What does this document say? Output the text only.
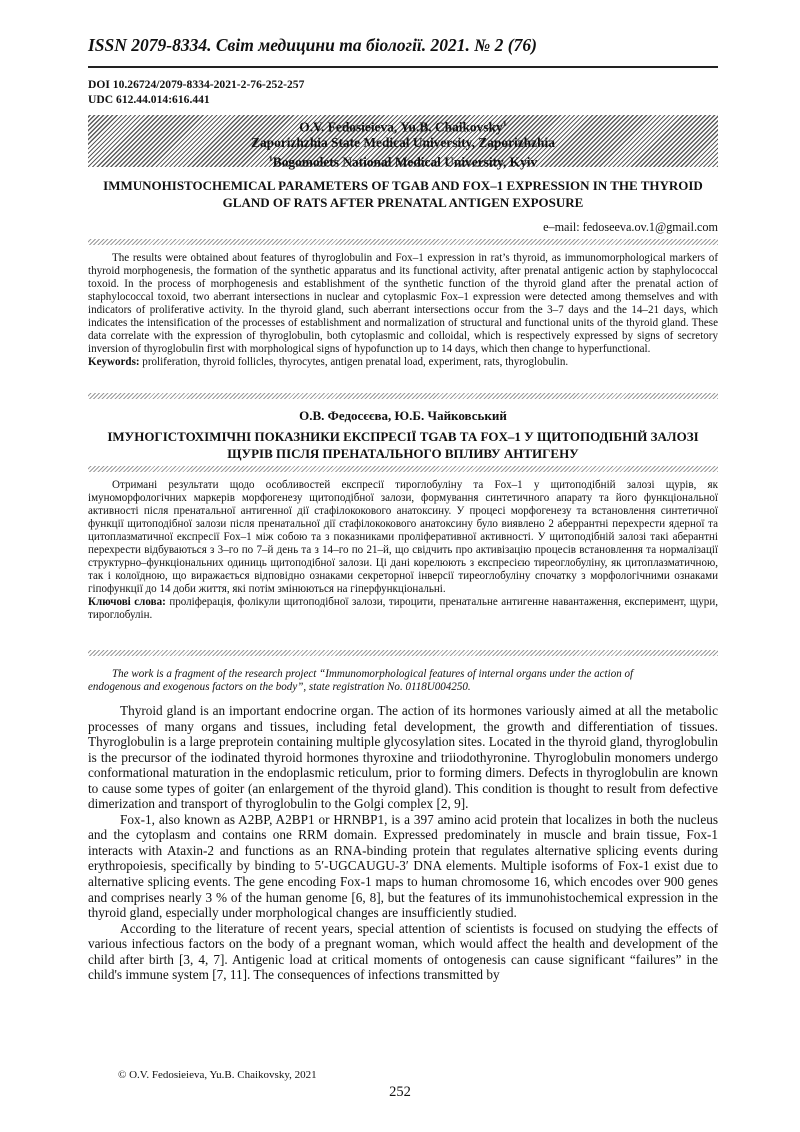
ISSN 2079-8334. Світ медицини та біології. 2021. № 2 (76)
DOI 10.26724/2079-8334-2021-2-76-252-257
UDC 612.44.014:616.441
O.V. Fedosieieva, Yu.B. Chaikovsky$^1$
Zaporizhzhia State Medical University, Zaporizhzhia
$^1$Bogomolets National Medical University, Kyiv
IMMUNOHISTOCHEMICAL PARAMETERS OF TGAB AND FOX–1 EXPRESSION IN THE THYROID GLAND OF RATS AFTER PRENATAL ANTIGEN EXPOSURE
e–mail: fedoseeva.ov.1@gmail.com

The results were obtained about features of thyroglobulin and Fox–1 expression in rat’s thyroid, as immunomorphological markers of thyroid morphogenesis, the formation of the synthetic apparatus and its functional activity, after prenatal antigenic action by staphylococcal toxoid. In the process of morphogenesis and establishment of the synthetic function of the thyroid gland after the prenatal action of staphylococcal toxoid, two aberrant intersections in nuclear and cytoplasmic Fox–1 expression were detected among themselves and with indicators of proliferative activity. In the thyroid gland, such aberrant intersections occur from the 3–7 days and the 14–21 days, which indicates the intensification of the processes of establishment and normalization of structural and functional units of the thyroid gland. These data correlate with the expression of thyroglobulin, both cytoplasmic and colloidal, which is respectively expressed by signs of secretory inversion of thyroglobulin first with morphological signs of hypofunction up to 14 days, which then change to hyperfunctional.

Keywords: proliferation, thyroid follicles, thyrocytes, antigen prenatal load, experiment, rats, thyroglobulin.

О.В. Федосєєва, Ю.Б. Чайковський
ІМУНОГІСТОХІМІЧНІ ПОКАЗНИКИ ЕКСПРЕСІЇ TGAB ТА FOX–1 У ЩИТОПОДІБНІЙ ЗАЛОЗІ ЩУРІВ ПІСЛЯ ПРЕНАТАЛЬНОГО ВПЛИВУ АНТИГЕНУ

Отримані результати щодо особливостей експресії тироглобуліну та Fox–1 у щитоподібній залозі щурів, як імуноморфологічних маркерів морфогенезу щитоподібної залози, формування синтетичного апарату та його функціональної активності після пренатальної антигенної дії стафілококового анатоксину. У процесі морфогенезу та встановлення синтетичної функції щитоподібної залози після пренатальної дії стафілококового анатоксину було виявлено 2 аберрантні перехрести ядерної та цитоплазматичної експресії Fox–1 між собою та з показниками проліферативної активності. У щитоподібній залозі такі аберантні перехрести відбуваються з 3–го по 7–й день та з 14–го по 21–й, що свідчить про активізацію процесів встановлення та нормалізації структурно–функціональних одиниць щитоподібної залози. Ці дані корелюють з експресією тиреоглобуліну, як цитоплазматичною, так і колоїдною, що виражається відповідно ознаками секреторної інверсії тиреоглобуліну спочатку з морфологічними ознаками гіпофункції до 14 доби життя, які потім змінюються на гіперфункціональні.

Ключові слова: проліферація, фолікули щитоподібної залози, тироцити, пренатальне антигенне навантаження, експеримент, щури, тироглобулін.

The work is a fragment of the research project “Immunomorphological features of internal organs under the action of
endogenous and exogenous factors on the body”, state registration No. 0118U004250.

Thyroid gland is an important endocrine organ. The action of its hormones variously aimed at all the metabolic processes of many organs and tissues, including fetal development, the growth and differentiation of tissues. Thyroglobulin is a large preprotein containing multiple glycosylation sites. Located in the thyroid gland, thyroglobulin is the precursor of the iodinated thyroid hormones thyroxine and triiodothyronine. Thyroglobulin monomers undergo conformational maturation in the endoplasmic reticulum, prior to forming dimers. Defects in thyroglobulin are known to cause some types of goiter (an enlargement of the thyroid gland). This condition is thought to result from defective dimerization and transport of thyroglobulin to the Golgi complex [2, 9].

Fox-1, also known as A2BP, A2BP1 or HRNBP1, is a 397 amino acid protein that localizes in both the nucleus and the cytoplasm and contains one RRM domain. Expressed predominately in muscle and brain tissue, Fox-1 interacts with Ataxin-2 and functions as an RNA-binding protein that regulates alternative splicing events during erythropoiesis, specifically by binding to 5′-UGCAUGU-3′ DNA elements. Multiple isoforms of Fox-1 exist due to alternative splicing events. The gene encoding Fox-1 maps to human chromosome 16, which encodes over 900 genes and comprises nearly 3 % of the human genome [6, 8], but the features of its immunohistochemical expression in the thyroid gland, especially under morphological changes are insufficiently studied.

According to the literature of recent years, special attention of scientists is focused on studying the effects of various infectious factors on the body of a pregnant woman, which would affect the health and development of the child after birth [3, 4, 7]. Antigenic load at critical moments of ontogenesis can cause significant “failures” in the child's immune system [7, 11]. The consequences of infections transmitted by

© O.V. Fedosieieva, Yu.B. Chaikovsky, 2021
252
